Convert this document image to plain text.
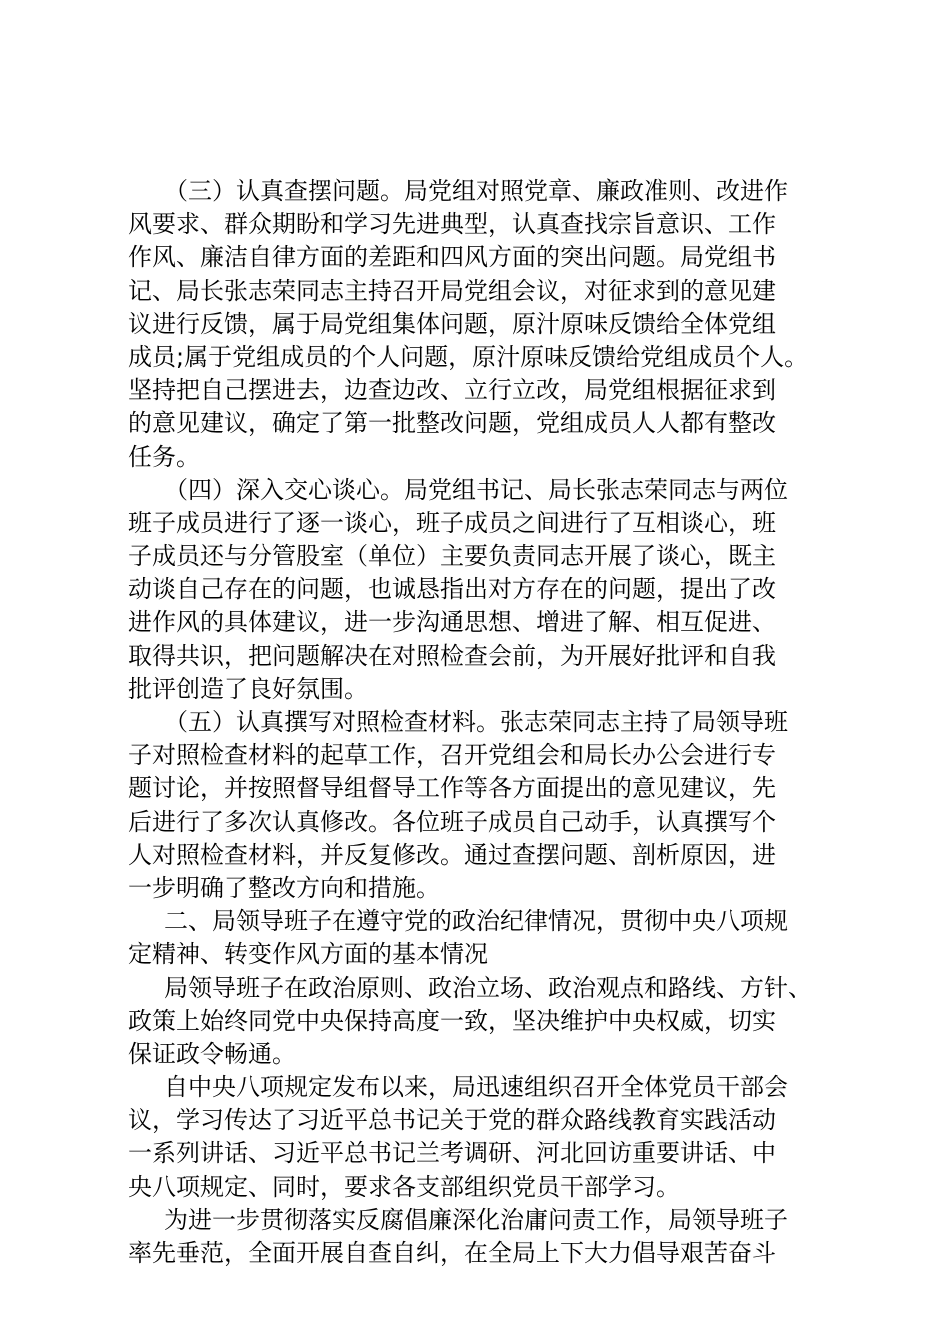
（三）认真查摆问题。局党组对照党章、廉政准则、改进作
风要求、群众期盼和学习先进典型，认真查找宗旨意识、工作
作风、廉洁自律方面的差距和四风方面的突出问题。局党组书
记、局长张志荣同志主持召开局党组会议，对征求到的意见建
议进行反馈，属于局党组集体问题，原汁原味反馈给全体党组
成员;属于党组成员的个人问题，原汁原味反馈给党组成员个人。
坚持把自己摆进去，边查边改、立行立改，局党组根据征求到
的意见建议，确定了第一批整改问题，党组成员人人都有整改
任务。
（四）深入交心谈心。局党组书记、局长张志荣同志与两位
班子成员进行了逐一谈心，班子成员之间进行了互相谈心，班
子成员还与分管股室（单位）主要负责同志开展了谈心，既主
动谈自己存在的问题，也诚恳指出对方存在的问题，提出了改
进作风的具体建议，进一步沟通思想、增进了解、相互促进、
取得共识，把问题解决在对照检查会前，为开展好批评和自我
批评创造了良好氛围。
（五）认真撰写对照检查材料。张志荣同志主持了局领导班
子对照检查材料的起草工作，召开党组会和局长办公会进行专
题讨论，并按照督导组督导工作等各方面提出的意见建议，先
后进行了多次认真修改。各位班子成员自己动手，认真撰写个
人对照检查材料，并反复修改。通过查摆问题、剖析原因，进
一步明确了整改方向和措施。
二、局领导班子在遵守党的政治纪律情况，贯彻中央八项规
定精神、转变作风方面的基本情况
局领导班子在政治原则、政治立场、政治观点和路线、方针、
政策上始终同党中央保持高度一致，坚决维护中央权威，切实
保证政令畅通。
自中央八项规定发布以来，局迅速组织召开全体党员干部会
议，学习传达了习近平总书记关于党的群众路线教育实践活动
一系列讲话、习近平总书记兰考调研、河北回访重要讲话、中
央八项规定、同时，要求各支部组织党员干部学习。
为进一步贯彻落实反腐倡廉深化治庸问责工作，局领导班子
率先垂范，全面开展自查自纠，在全局上下大力倡导艰苦奋斗
